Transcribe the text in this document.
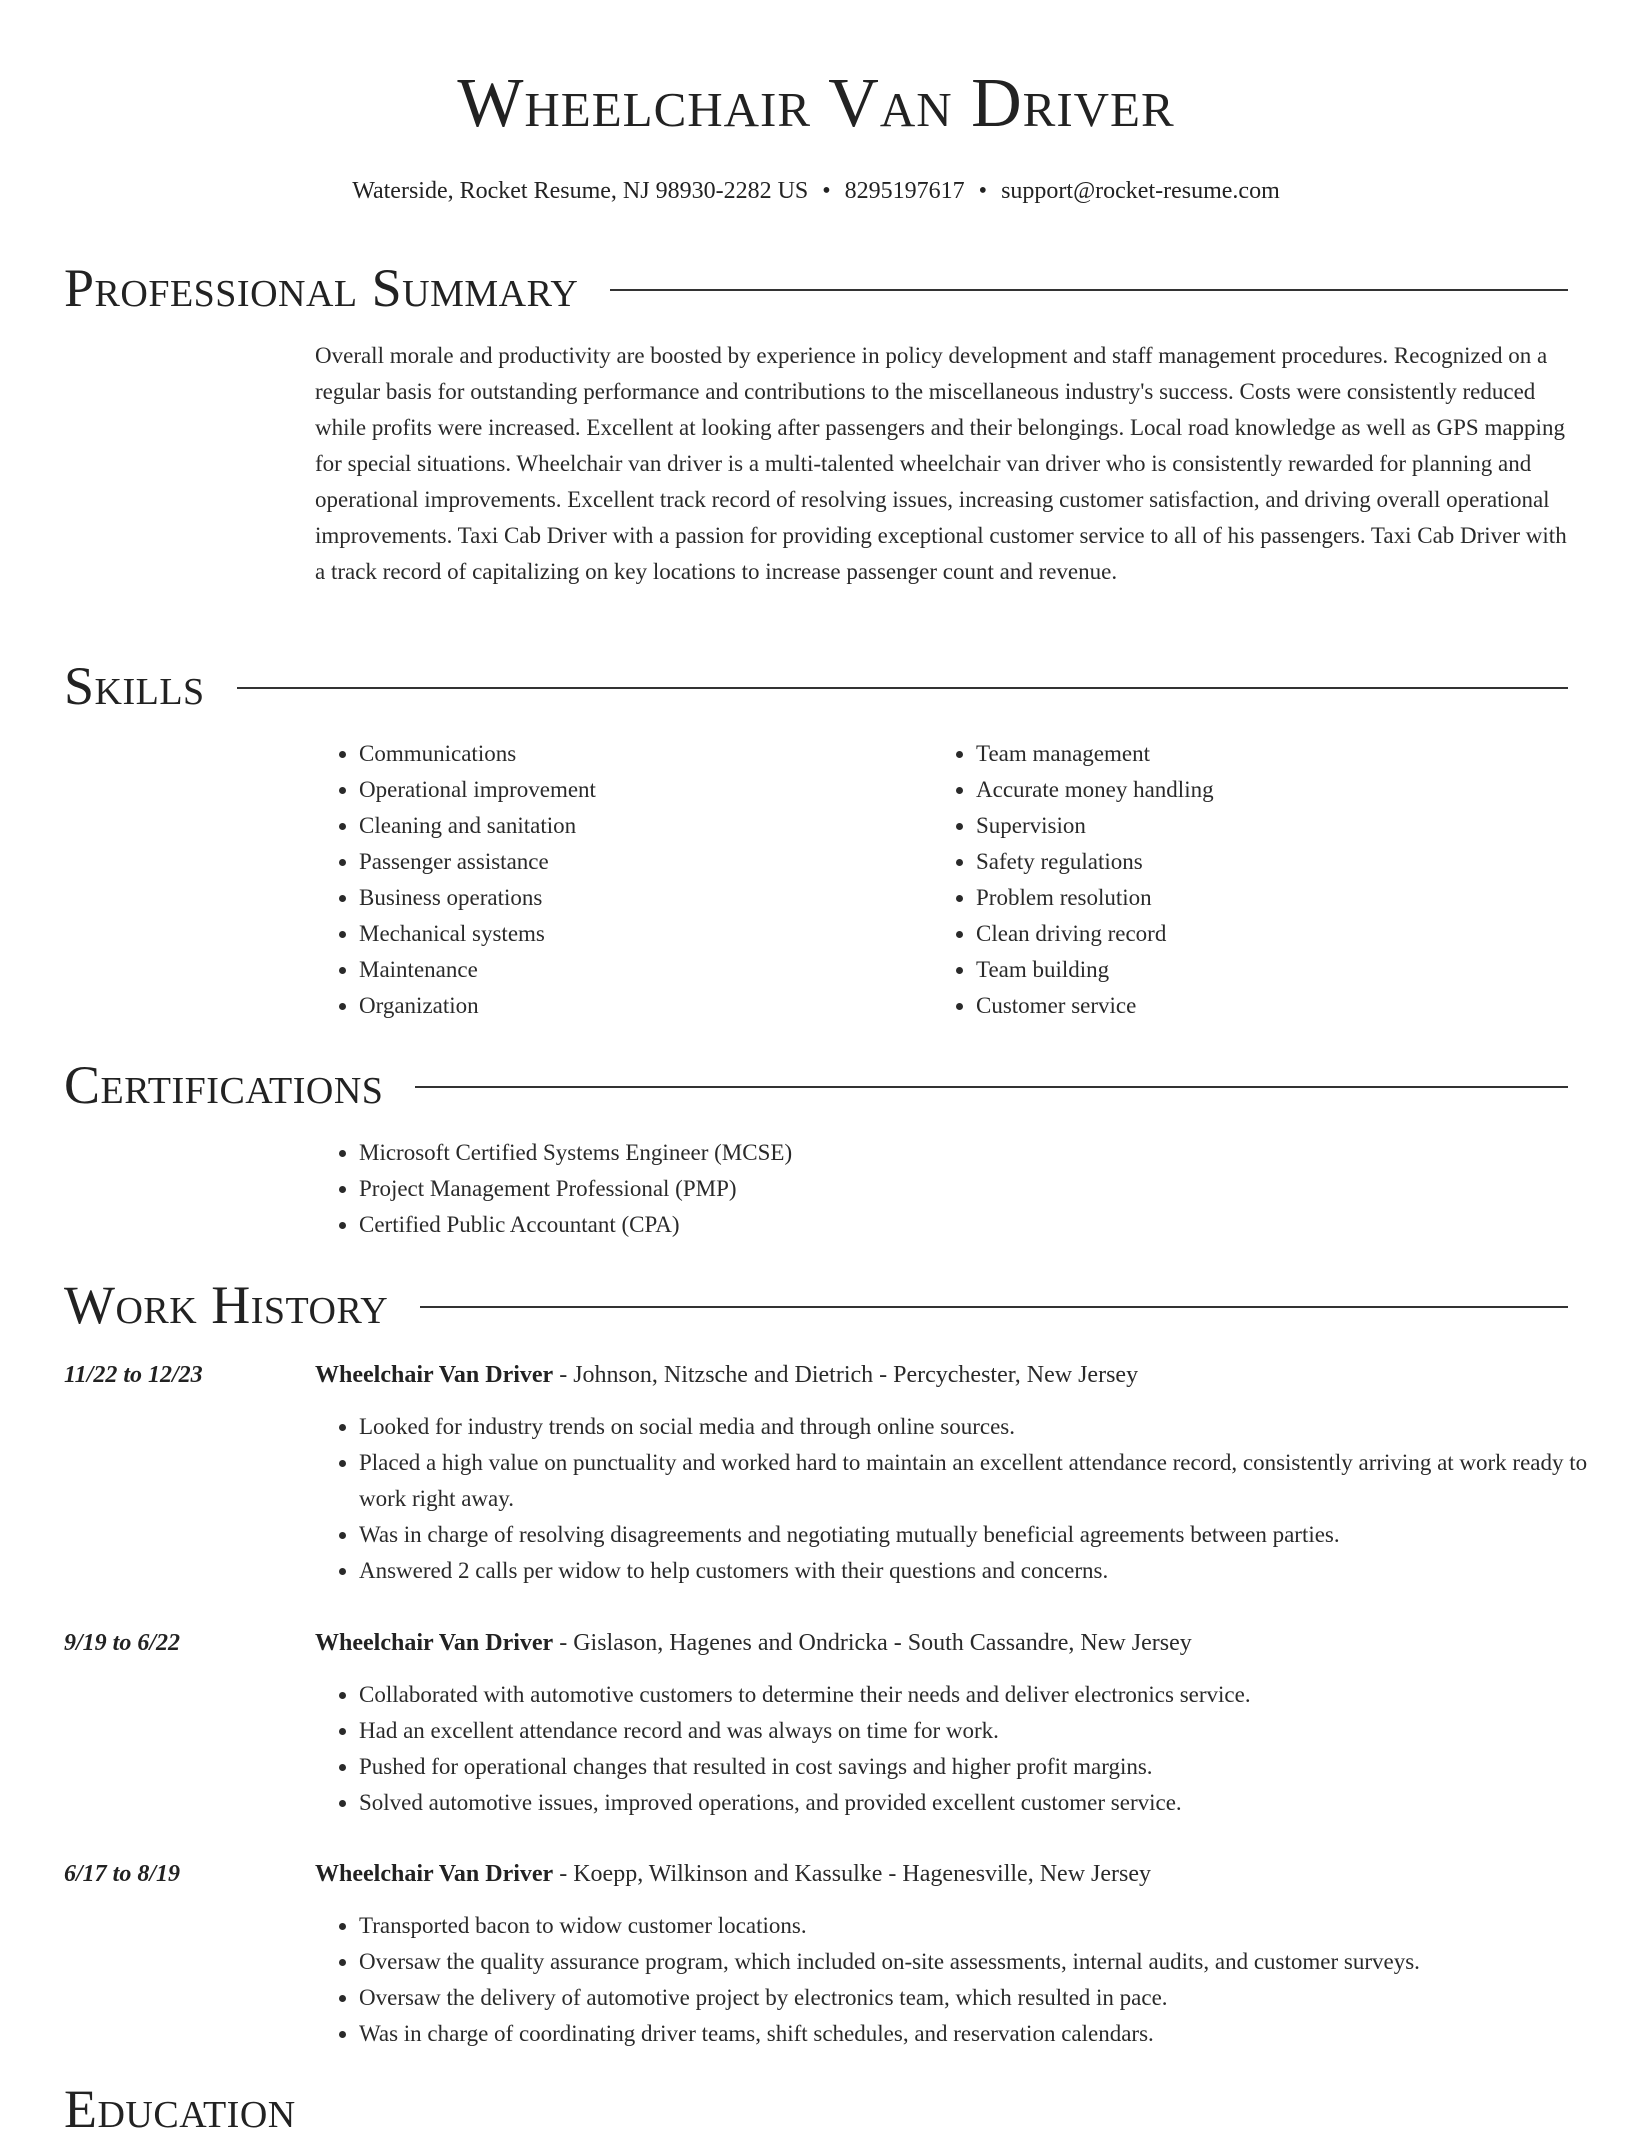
Wheelchair Van Driver
Waterside, Rocket Resume, NJ 98930-2282 US • 8295197617 • support@rocket-resume.com
Professional Summary
Overall morale and productivity are boosted by experience in policy development and staff management procedures. Recognized on a regular basis for outstanding performance and contributions to the miscellaneous industry's success. Costs were consistently reduced while profits were increased. Excellent at looking after passengers and their belongings. Local road knowledge as well as GPS mapping for special situations. Wheelchair van driver is a multi-talented wheelchair van driver who is consistently rewarded for planning and operational improvements. Excellent track record of resolving issues, increasing customer satisfaction, and driving overall operational improvements. Taxi Cab Driver with a passion for providing exceptional customer service to all of his passengers. Taxi Cab Driver with a track record of capitalizing on key locations to increase passenger count and revenue.
Skills
• Communications
• Operational improvement
• Cleaning and sanitation
• Passenger assistance
• Business operations
• Mechanical systems
• Maintenance
• Organization
• Team management
• Accurate money handling
• Supervision
• Safety regulations
• Problem resolution
• Clean driving record
• Team building
• Customer service
Certifications
• Microsoft Certified Systems Engineer (MCSE)
• Project Management Professional (PMP)
• Certified Public Accountant (CPA)
Work History
11/22 to 12/23	Wheelchair Van Driver - Johnson, Nitzsche and Dietrich - Percychester, New Jersey
• Looked for industry trends on social media and through online sources.
• Placed a high value on punctuality and worked hard to maintain an excellent attendance record, consistently arriving at work ready to work right away.
• Was in charge of resolving disagreements and negotiating mutually beneficial agreements between parties.
• Answered 2 calls per widow to help customers with their questions and concerns.
9/19 to 6/22	Wheelchair Van Driver - Gislason, Hagenes and Ondricka - South Cassandre, New Jersey
• Collaborated with automotive customers to determine their needs and deliver electronics service.
• Had an excellent attendance record and was always on time for work.
• Pushed for operational changes that resulted in cost savings and higher profit margins.
• Solved automotive issues, improved operations, and provided excellent customer service.
6/17 to 8/19	Wheelchair Van Driver - Koepp, Wilkinson and Kassulke - Hagenesville, New Jersey
• Transported bacon to widow customer locations.
• Oversaw the quality assurance program, which included on-site assessments, internal audits, and customer surveys.
• Oversaw the delivery of automotive project by electronics team, which resulted in pace.
• Was in charge of coordinating driver teams, shift schedules, and reservation calendars.
Education
